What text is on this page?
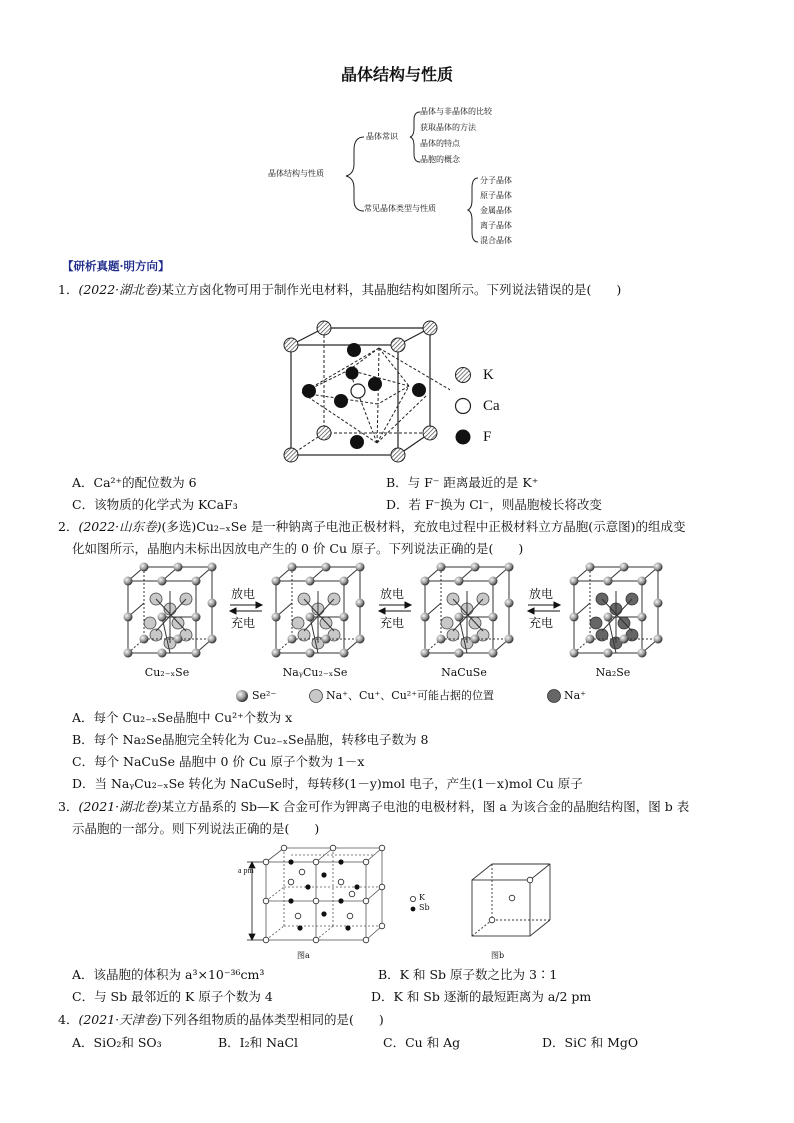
晶体结构与性质
晶体结构与性质
晶体常识
晶体与非晶体的比较
获取晶体的方法
晶体的特点
晶胞的概念
常见晶体类型与性质
分子晶体
原子晶体
金属晶体
离子晶体
混合晶体
【研析真题·明方向】
1．(2022·湖北卷)某立方卤化物可用于制作光电材料，其晶胞结构如图所示。下列说法错误的是(　　)
K
Ca
F
A．Ca²⁺的配位数为 6	B．与 F⁻ 距离最近的是 K⁺
C．该物质的化学式为 KCaF₃	D．若 F⁻换为 Cl⁻，则晶胞棱长将改变
2．(2022·山东卷)(多选)Cu₂₋ₓSe 是一种钠离子电池正极材料，充放电过程中正极材料立方晶胞(示意图)的组成变
化如图所示，晶胞内未标出因放电产生的 0 价 Cu 原子。下列说法正确的是(　　)
放电
充电
放电
充电
放电
充电
Cu₂₋ₓSe	NaᵧCu₂₋ₓSe	NaCuSe	Na₂Se
Se²⁻	Na⁺、Cu⁺、Cu²⁺可能占据的位置	Na⁺
A．每个 Cu₂₋ₓSe晶胞中 Cu²⁺个数为 x
B．每个 Na₂Se晶胞完全转化为 Cu₂₋ₓSe晶胞，转移电子数为 8
C．每个 NaCuSe 晶胞中 0 价 Cu 原子个数为 1－x
D．当 NaᵧCu₂₋ₓSe 转化为 NaCuSe时，每转移(1－y)mol 电子，产生(1－x)mol Cu 原子
3．(2021·湖北卷)某立方晶系的 Sb—K 合金可作为钾离子电池的电极材料，图 a 为该合金的晶胞结构图，图 b 表
示晶胞的一部分。则下列说法正确的是(　　)
a pm
图a
K
Sb
图b
A．该晶胞的体积为 a³×10⁻³⁶cm³	B．K 和 Sb 原子数之比为 3∶1
C．与 Sb 最邻近的 K 原子个数为 4	D．K 和 Sb 逐渐的最短距离为 a/2 pm
4．(2021·天津卷)下列各组物质的晶体类型相同的是(　　)
A．SiO₂和 SO₃	B．I₂和 NaCl	C．Cu 和 Ag	D．SiC 和 MgO
